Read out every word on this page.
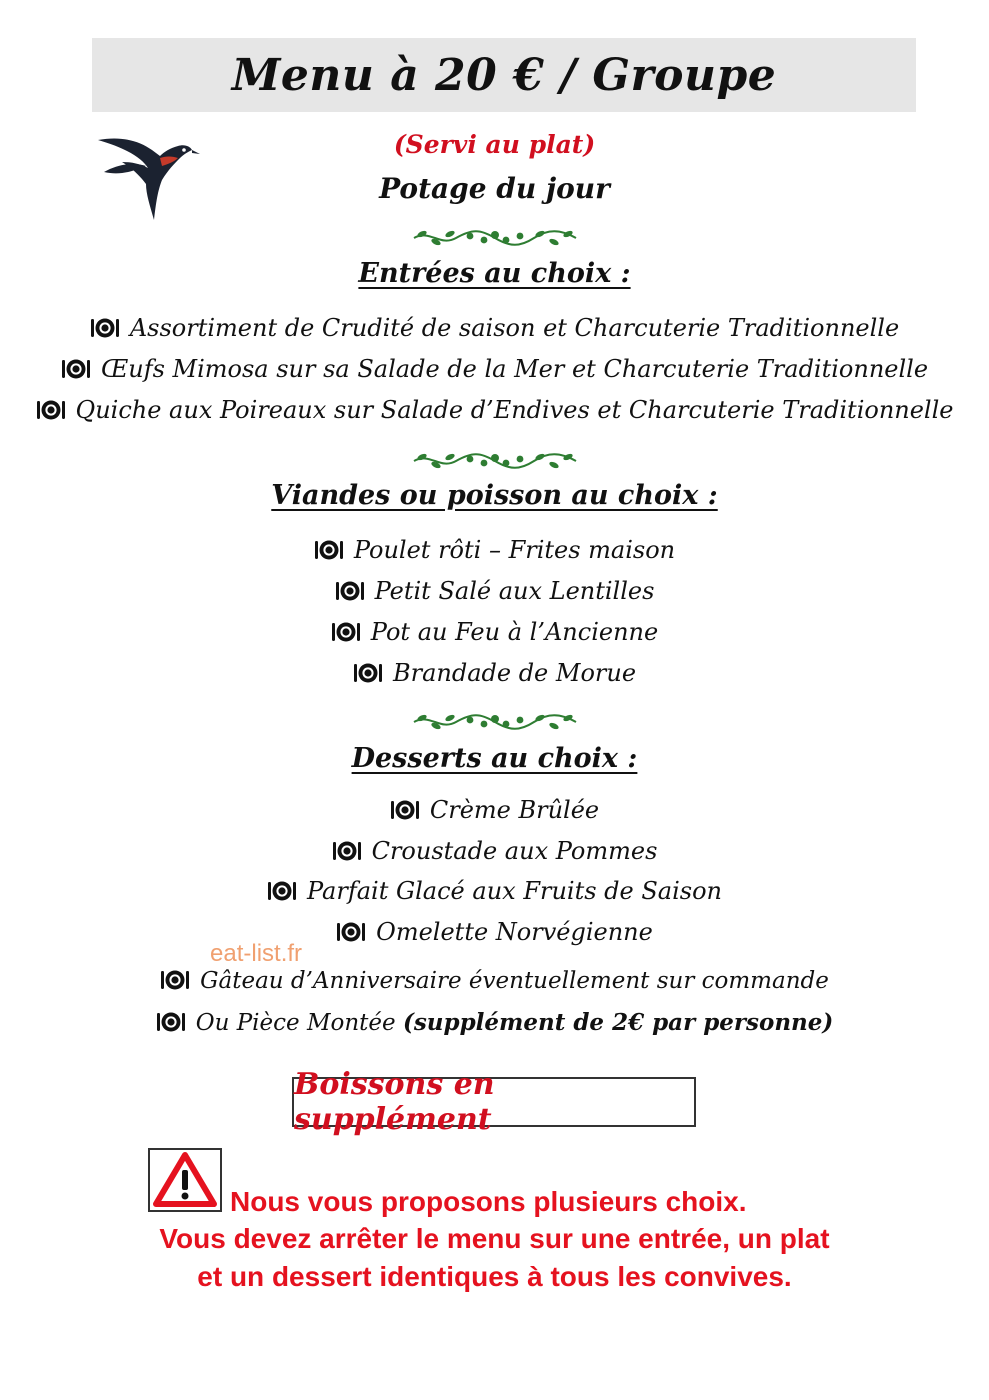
Menu à 20 € / Groupe
(Servi au plat)
Potage du jour
Entrées au choix :
Assortiment de Crudité de saison et Charcuterie Traditionnelle
Œufs Mimosa sur sa Salade de la Mer et Charcuterie Traditionnelle
Quiche aux Poireaux sur Salade d’Endives et Charcuterie Traditionnelle
Viandes ou poisson au choix :
Poulet rôti – Frites maison
Petit Salé aux Lentilles
Pot au Feu à l’Ancienne
Brandade de Morue
Desserts au choix :
Crème Brûlée
Croustade aux Pommes
Parfait Glacé aux Fruits de Saison
Omelette Norvégienne
eat-list.fr
Gâteau d’Anniversaire éventuellement sur commande
Ou Pièce Montée (supplément de 2€ par personne)
Boissons en supplément
Nous vous proposons plusieurs choix.
Vous devez arrêter le menu sur une entrée, un plat
et un dessert identiques à tous les convives.
